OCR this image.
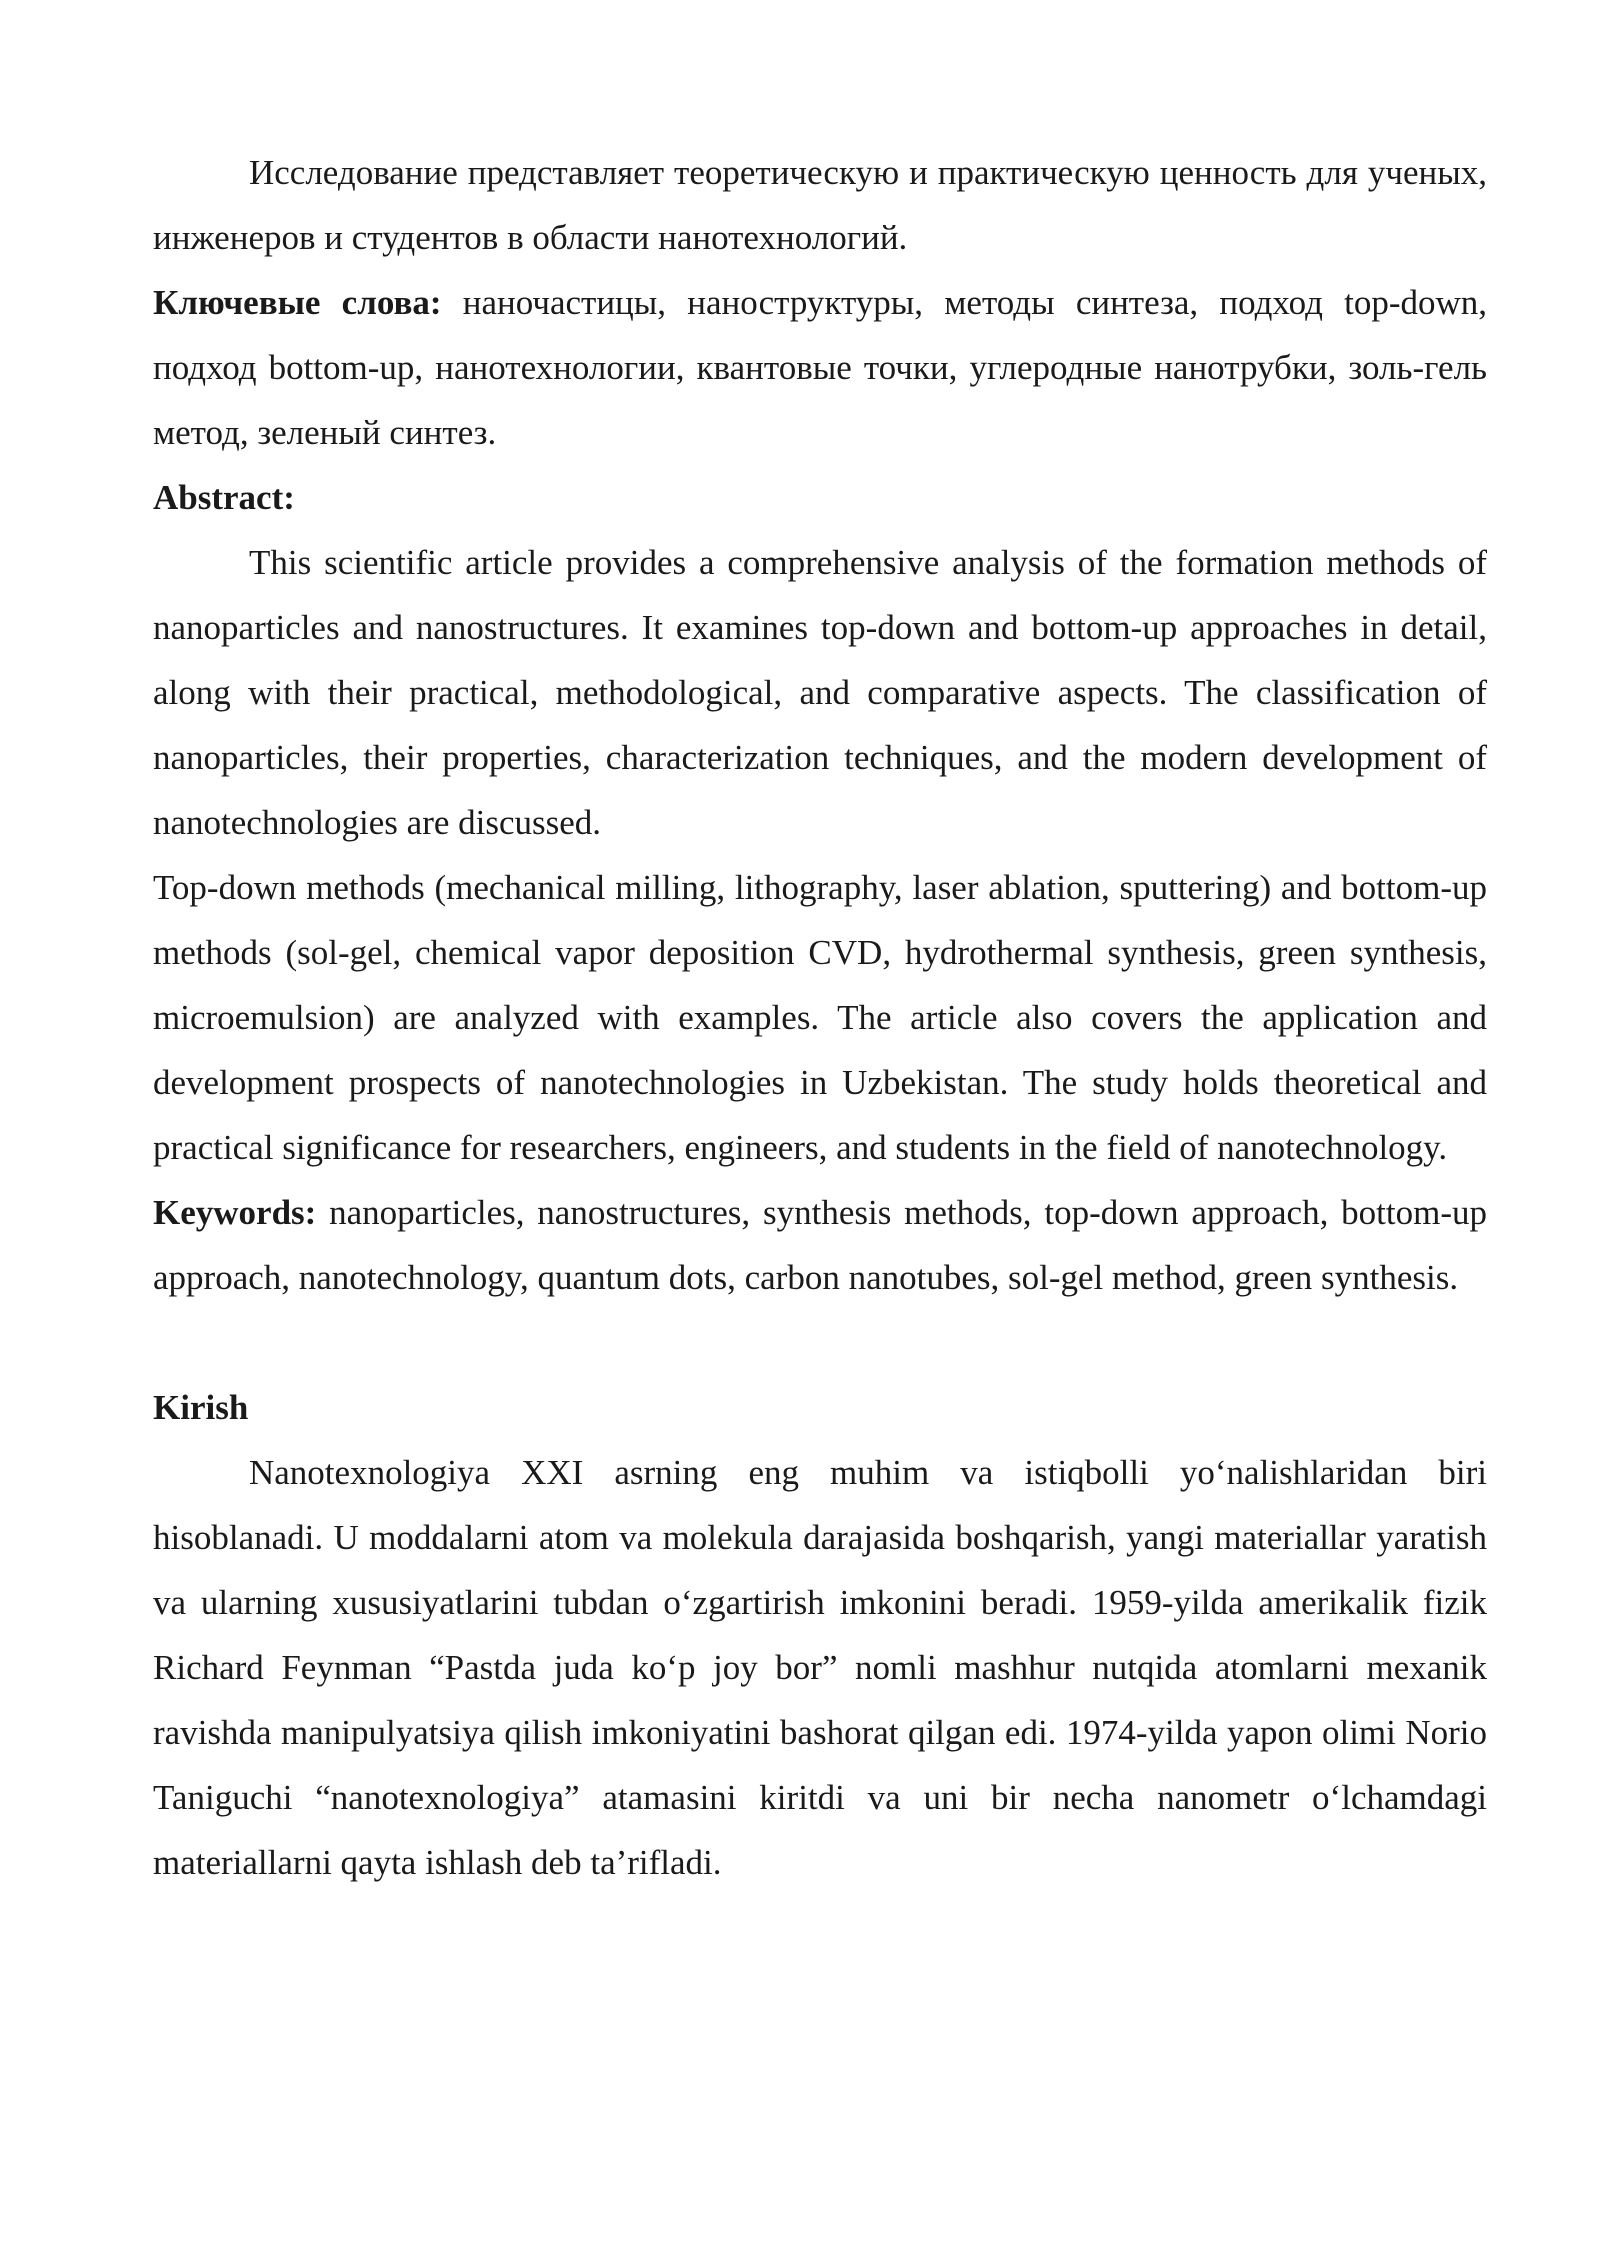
Исследование представляет теоретическую и практическую ценность для ученых, инженеров и студентов в области нанотехнологий.

Ключевые слова: наночастицы, наноструктуры, методы синтеза, подход top-down, подход bottom-up, нанотехнологии, квантовые точки, углеродные нанотрубки, золь-гель метод, зеленый синтез.

Abstract:

This scientific article provides a comprehensive analysis of the formation methods of nanoparticles and nanostructures. It examines top-down and bottom-up approaches in detail, along with their practical, methodological, and comparative aspects. The classification of nanoparticles, their properties, characterization techniques, and the modern development of nanotechnologies are discussed.

Top-down methods (mechanical milling, lithography, laser ablation, sputtering) and bottom-up methods (sol-gel, chemical vapor deposition CVD, hydrothermal synthesis, green synthesis, microemulsion) are analyzed with examples. The article also covers the application and development prospects of nanotechnologies in Uzbekistan. The study holds theoretical and practical significance for researchers, engineers, and students in the field of nanotechnology.

Keywords: nanoparticles, nanostructures, synthesis methods, top-down approach, bottom-up approach, nanotechnology, quantum dots, carbon nanotubes, sol-gel method, green synthesis.

Kirish

Nanotexnologiya XXI asrning eng muhim va istiqbolli yo‘nalishlaridan biri hisoblanadi. U moddalarni atom va molekula darajasida boshqarish, yangi materiallar yaratish va ularning xususiyatlarini tubdan o‘zgartirish imkonini beradi. 1959-yilda amerikalik fizik Richard Feynman “Pastda juda ko‘p joy bor” nomli mashhur nutqida atomlarni mexanik ravishda manipulyatsiya qilish imkoniyatini bashorat qilgan edi. 1974-yilda yapon olimi Norio Taniguchi “nanotexnologiya” atamasini kiritdi va uni bir necha nanometr o‘lchamdagi materiallarni qayta ishlash deb ta’rifladi.
